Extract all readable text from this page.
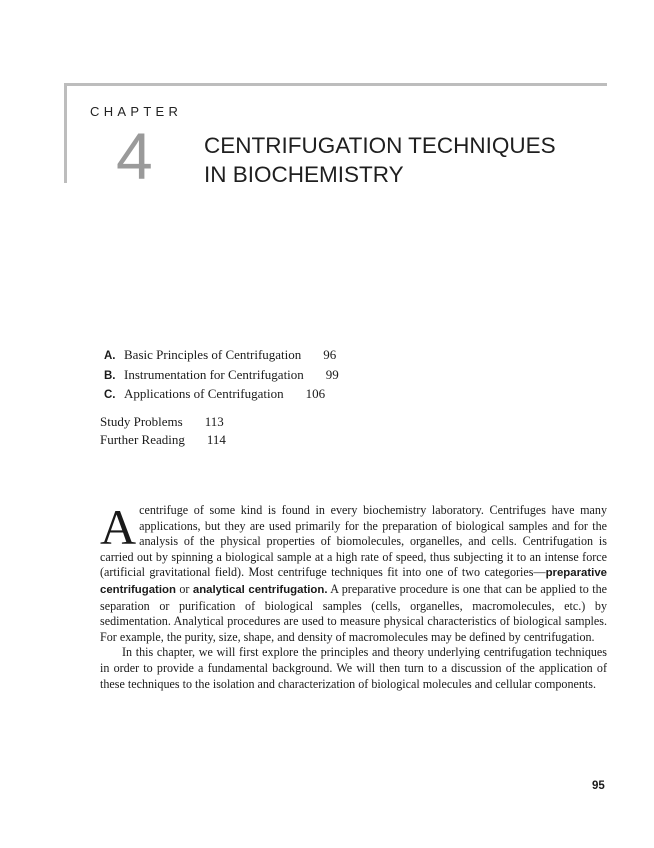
CHAPTER
4 CENTRIFUGATION TECHNIQUES
IN BIOCHEMISTRY
A. Basic Principles of Centrifugation 96
B. Instrumentation for Centrifugation 99
C. Applications of Centrifugation 106
Study Problems 113
Further Reading 114

Acentrifuge of some kind is found in every biochemistry laboratory. Centrifuges have many applications, but they are used primarily for the preparation of biological samples and for the analysis of the physical properties of biomolecules, organelles, and cells. Centrifugation is carried out by spinning a biological sample at a high rate of speed, thus subjecting it to an intense force (artificial gravitational field). Most centrifuge techniques fit into one of two categories—preparative centrifugation or analytical centrifugation. A preparative procedure is one that can be applied to the separation or purification of biological samples (cells, organelles, macromolecules, etc.) by sedimentation. Analytical procedures are used to measure physical characteristics of biological samples. For example, the purity, size, shape, and density of macromolecules may be defined by centrifugation.

In this chapter, we will first explore the principles and theory underlying centrifugation techniques in order to provide a fundamental background. We will then turn to a discussion of the application of these techniques to the isolation and characterization of biological molecules and cellular components.

95
